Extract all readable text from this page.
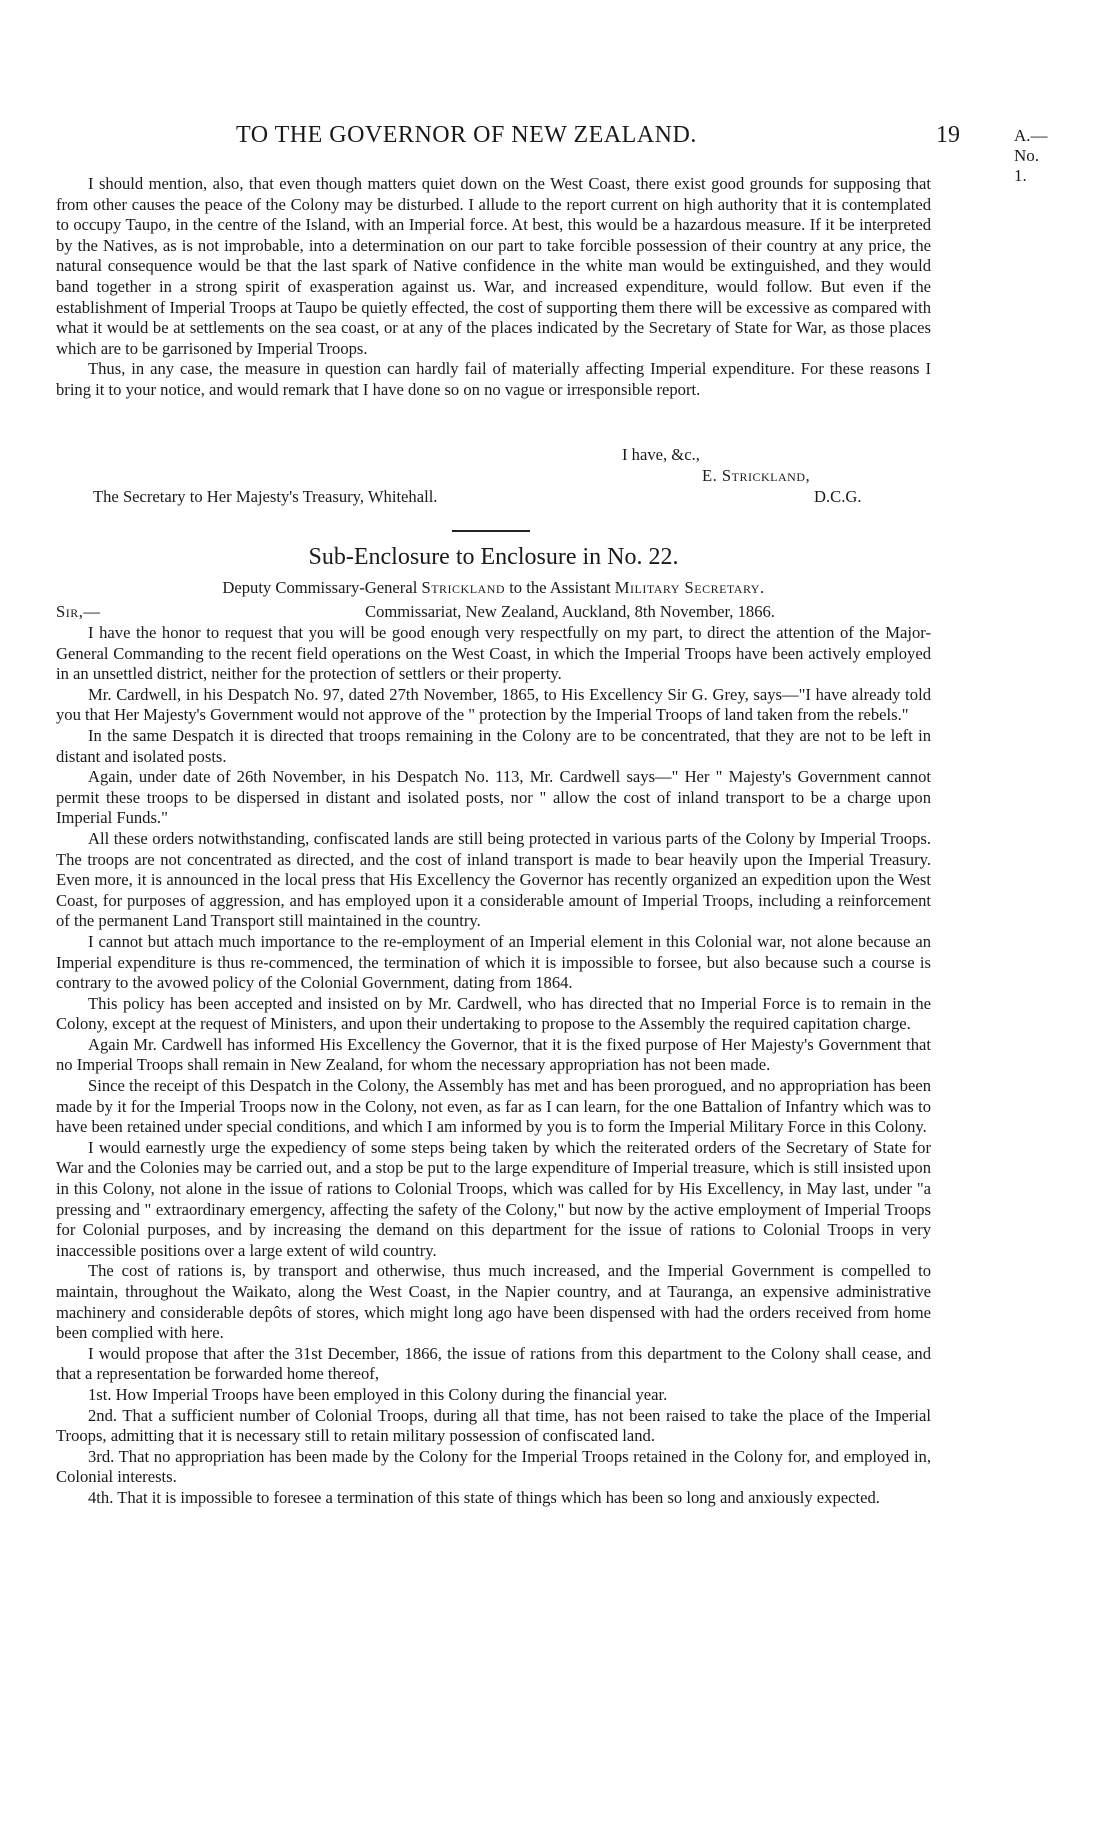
TO THE GOVERNOR OF NEW ZEALAND.	19	A.—No. 1.

I should mention, also, that even though matters quiet down on the West Coast, there exist good grounds for supposing that from other causes the peace of the Colony may be disturbed. I allude to the report current on high authority that it is contemplated to occupy Taupo, in the centre of the Island, with an Imperial force. At best, this would be a hazardous measure. If it be interpreted by the Natives, as is not improbable, into a determination on our part to take forcible possession of their country at any price, the natural consequence would be that the last spark of Native confidence in the white man would be extinguished, and they would band together in a strong spirit of exasperation against us. War, and increased expenditure, would follow. But even if the establishment of Imperial Troops at Taupo be quietly effected, the cost of supporting them there will be excessive as compared with what it would be at settlements on the sea coast, or at any of the places indicated by the Secretary of State for War, as those places which are to be garrisoned by Imperial Troops.

Thus, in any case, the measure in question can hardly fail of materially affecting Imperial expenditure. For these reasons I bring it to your notice, and would remark that I have done so on no vague or irresponsible report.

I have, &c.,
E. Strickland,
The Secretary to Her Majesty's Treasury, Whitehall.	D.C.G.
Sub-Enclosure to Enclosure in No. 22.
Deputy Commissary-General Strickland to the Assistant Military Secretary.
Sir,—	Commissariat, New Zealand, Auckland, 8th November, 1866.

I have the honor to request that you will be good enough very respectfully on my part, to direct the attention of the Major-General Commanding to the recent field operations on the West Coast, in which the Imperial Troops have been actively employed in an unsettled district, neither for the protection of settlers or their property.

Mr. Cardwell, in his Despatch No. 97, dated 27th November, 1865, to His Excellency Sir G. Grey, says—"I have already told you that Her Majesty's Government would not approve of the " protection by the Imperial Troops of land taken from the rebels."

In the same Despatch it is directed that troops remaining in the Colony are to be concentrated, that they are not to be left in distant and isolated posts.

Again, under date of 26th November, in his Despatch No. 113, Mr. Cardwell says—" Her " Majesty's Government cannot permit these troops to be dispersed in distant and isolated posts, nor " allow the cost of inland transport to be a charge upon Imperial Funds."

All these orders notwithstanding, confiscated lands are still being protected in various parts of the Colony by Imperial Troops. The troops are not concentrated as directed, and the cost of inland transport is made to bear heavily upon the Imperial Treasury. Even more, it is announced in the local press that His Excellency the Governor has recently organized an expedition upon the West Coast, for purposes of aggression, and has employed upon it a considerable amount of Imperial Troops, including a reinforcement of the permanent Land Transport still maintained in the country.

I cannot but attach much importance to the re-employment of an Imperial element in this Colonial war, not alone because an Imperial expenditure is thus re-commenced, the termination of which it is impossible to forsee, but also because such a course is contrary to the avowed policy of the Colonial Government, dating from 1864.

This policy has been accepted and insisted on by Mr. Cardwell, who has directed that no Imperial Force is to remain in the Colony, except at the request of Ministers, and upon their undertaking to propose to the Assembly the required capitation charge.

Again Mr. Cardwell has informed His Excellency the Governor, that it is the fixed purpose of Her Majesty's Government that no Imperial Troops shall remain in New Zealand, for whom the necessary appropriation has not been made.

Since the receipt of this Despatch in the Colony, the Assembly has met and has been prorogued, and no appropriation has been made by it for the Imperial Troops now in the Colony, not even, as far as I can learn, for the one Battalion of Infantry which was to have been retained under special conditions, and which I am informed by you is to form the Imperial Military Force in this Colony.

I would earnestly urge the expediency of some steps being taken by which the reiterated orders of the Secretary of State for War and the Colonies may be carried out, and a stop be put to the large expenditure of Imperial treasure, which is still insisted upon in this Colony, not alone in the issue of rations to Colonial Troops, which was called for by His Excellency, in May last, under "a pressing and " extraordinary emergency, affecting the safety of the Colony," but now by the active employment of Imperial Troops for Colonial purposes, and by increasing the demand on this department for the issue of rations to Colonial Troops in very inaccessible positions over a large extent of wild country.

The cost of rations is, by transport and otherwise, thus much increased, and the Imperial Government is compelled to maintain, throughout the Waikato, along the West Coast, in the Napier country, and at Tauranga, an expensive administrative machinery and considerable depôts of stores, which might long ago have been dispensed with had the orders received from home been complied with here.

I would propose that after the 31st December, 1866, the issue of rations from this department to the Colony shall cease, and that a representation be forwarded home thereof,

1st. How Imperial Troops have been employed in this Colony during the financial year.

2nd. That a sufficient number of Colonial Troops, during all that time, has not been raised to take the place of the Imperial Troops, admitting that it is necessary still to retain military possession of confiscated land.

3rd. That no appropriation has been made by the Colony for the Imperial Troops retained in the Colony for, and employed in, Colonial interests.

4th. That it is impossible to foresee a termination of this state of things which has been so long and anxiously expected.
